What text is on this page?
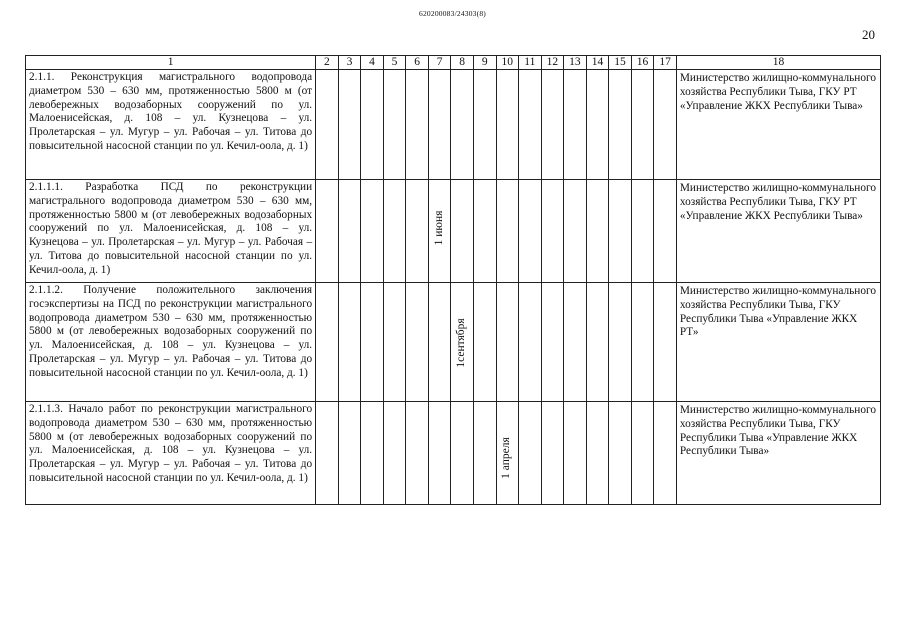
620200083/24303(8)
20
1	2	3	4	5	6	7	8	9	10	11	12	13	14	15	16	17	18
2.1.1. Реконструкция магистрального водопровода диаметром 530 – 630 мм, протяженностью 5800 м (от левобережных водозаборных сооружений по ул. Малоенисейская, д. 108 – ул. Кузнецова – ул. Пролетарская – ул. Мугур – ул. Рабочая – ул. Титова до повысительной насосной станции по ул. Кечил-оола, д. 1)																	Министерство жилищно-коммунального хозяйства Республики Тыва, ГКУ РТ «Управление ЖКХ Республики Тыва»
2.1.1.1. Разработка ПСД по реконструкции магистрального водопровода диаметром 530 – 630 мм, протяженностью 5800 м (от левобережных водозаборных сооружений по ул. Малоенисейская, д. 108 – ул. Кузнецова – ул. Пролетарская – ул. Мугур – ул. Рабочая – ул. Титова до повысительной насосной станции по ул. Кечил-оола, д. 1)						1 июня											Министерство жилищно-коммунального хозяйства Республики Тыва, ГКУ РТ «Управление ЖКХ Республики Тыва»
2.1.1.2. Получение положительного заключения госэкспертизы на ПСД по реконструкции магистрального водопровода диаметром 530 – 630 мм, протяженностью 5800 м (от левобережных водозаборных сооружений по ул. Малоенисейская, д. 108 – ул. Кузнецова – ул. Пролетарская – ул. Мугур – ул. Рабочая – ул. Титова до повысительной насосной станции по ул. Кечил-оола, д. 1)							1сентября										Министерство жилищно-коммунального хозяйства Республики Тыва, ГКУ Республики Тыва «Управление ЖКХ РТ»
2.1.1.3. Начало работ по реконструкции магистрального водопровода диаметром 530 – 630 мм, протяженностью 5800 м (от левобережных водозаборных сооружений по ул. Малоенисейская, д. 108 – ул. Кузнецова – ул. Пролетарская – ул. Мугур – ул. Рабочая – ул. Титова до повысительной насосной станции по ул. Кечил-оола, д. 1)									1 апреля								Министерство жилищно-коммунального хозяйства Республики Тыва, ГКУ Республики Тыва «Управление ЖКХ Республики Тыва»
